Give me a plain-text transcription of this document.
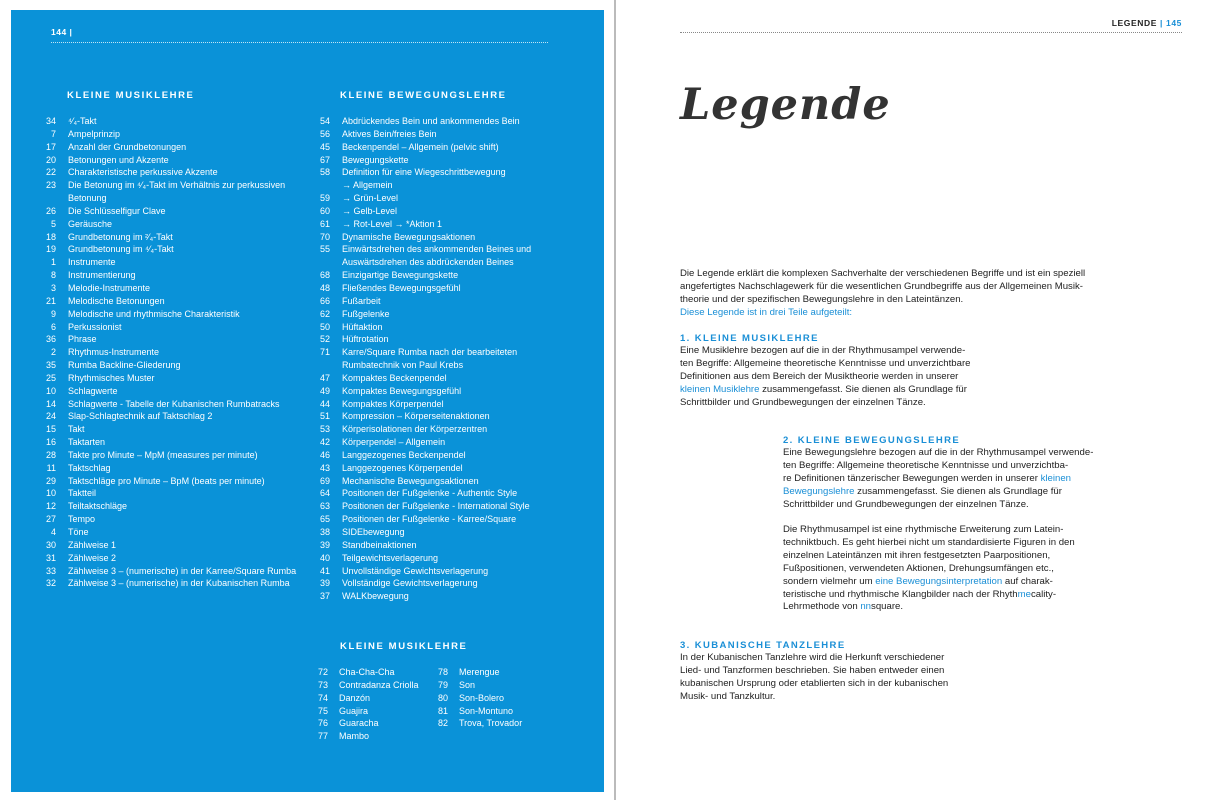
144 |
KLEINE MUSIKLEHRE
34 ⁴⁄₄-Takt
7 Ampelprinzip
17 Anzahl der Grundbetonungen
20 Betonungen und Akzente
22 Charakteristische perkussive Akzente
23 Die Betonung im ⁴⁄₄-Takt im Verhältnis zur perkussiven
Betonung
26 Die Schlüsselfigur Clave
5 Geräusche
18 Grundbetonung im ²⁄₄-Takt
19 Grundbetonung im ⁴⁄₄-Takt
1 Instrumente
8 Instrumentierung
3 Melodie-Instrumente
21 Melodische Betonungen
9 Melodische und rhythmische Charakteristik
6 Perkussionist
36 Phrase
2 Rhythmus-Instrumente
35 Rumba Backline-Gliederung
25 Rhythmisches Muster
10 Schlagwerte
14 Schlagwerte - Tabelle der Kubanischen Rumbatracks
24 Slap-Schlagtechnik auf Taktschlag 2
15 Takt
16 Taktarten
28 Takte pro Minute – MpM (measures per minute)
11 Taktschlag
29 Taktschläge pro Minute – BpM (beats per minute)
10 Taktteil
12 Teiltaktschläge
27 Tempo
4 Töne
30 Zählweise 1
31 Zählweise 2
33 Zählweise 3 – (numerische) in der Karree/Square Rumba
32 Zählweise 3 – (numerische) in der Kubanischen Rumba
KLEINE BEWEGUNGSLEHRE
54 Abdrückendes Bein und ankommendes Bein
56 Aktives Bein/freies Bein
45 Beckenpendel – Allgemein (pelvic shift)
67 Bewegungskette
58 Definition für eine Wiegeschrittbewegung
→ Allgemein
59 → Grün-Level
60 → Gelb-Level
61 → Rot-Level → *Aktion 1
70 Dynamische Bewegungsaktionen
55 Einwärtsdrehen des ankommenden Beines und
Auswärtsdrehen des abdrückenden Beines
68 Einzigartige Bewegungskette
48 Fließendes Bewegungsgefühl
66 Fußarbeit
62 Fußgelenke
50 Hüftaktion
52 Hüftrotation
71 Karre/Square Rumba nach der bearbeiteten
Rumbatechnik von Paul Krebs
47 Kompaktes Beckenpendel
49 Kompaktes Bewegungsgefühl
44 Kompaktes Körperpendel
51 Kompression – Körperseitenaktionen
53 Körperisolationen der Körperzentren
42 Körperpendel – Allgemein
46 Langgezogenes Beckenpendel
43 Langgezogenes Körperpendel
69 Mechanische Bewegungsaktionen
64 Positionen der Fußgelenke - Authentic Style
63 Positionen der Fußgelenke - International Style
65 Positionen der Fußgelenke - Karree/Square
38 SIDEbewegung
39 Standbeinaktionen
40 Teilgewichtsverlagerung
41 Unvollständige Gewichtsverlagerung
39 Vollständige Gewichtsverlagerung
37 WALKbewegung
KLEINE MUSIKLEHRE
72 Cha-Cha-Cha
73 Contradanza Criolla
74 Danzón
75 Guajira
76 Guaracha
77 Mambo
78 Merengue
79 Son
80 Son-Bolero
81 Son-Montuno
82 Trova, Trovador
LEGENDE | 145
Legende
Die Legende erklärt die komplexen Sachverhalte der verschiedenen Begriffe und ist ein speziell
angefertigtes Nachschlagewerk für die wesentlichen Grundbegriffe aus der Allgemeinen Musik-
theorie und der spezifischen Bewegungslehre in den Lateintänzen.
Diese Legende ist in drei Teile aufgeteilt:
1. KLEINE MUSIKLEHRE
Eine Musiklehre bezogen auf die in der Rhythmusampel verwende-
ten Begriffe: Allgemeine theoretische Kenntnisse und unverzichtbare
Definitionen aus dem Bereich der Musiktheorie werden in unserer
kleinen Musiklehre zusammengefasst. Sie dienen als Grundlage für
Schrittbilder und Grundbewegungen der einzelnen Tänze.
2. KLEINE BEWEGUNGSLEHRE
Eine Bewegungslehre bezogen auf die in der Rhythmusampel verwende-
ten Begriffe: Allgemeine theoretische Kenntnisse und unverzichtba-
re Definitionen tänzerischer Bewegungen werden in unserer kleinen
Bewegungslehre zusammengefasst. Sie dienen als Grundlage für
Schrittbilder und Grundbewegungen der einzelnen Tänze.
Die Rhythmusampel ist eine rhythmische Erweiterung zum Latein-
techniktbuch. Es geht hierbei nicht um standardisierte Figuren in den
einzelnen Lateintänzen mit ihren festgesetzten Paarpositionen,
Fußpositionen, verwendeten Aktionen, Drehungsumfängen etc.,
sondern vielmehr um eine Bewegungsinterpretation auf charak-
teristische und rhythmische Klangbilder nach der Rhythmecality-
Lehrmethode von nnsquare.
3. KUBANISCHE TANZLEHRE
In der Kubanischen Tanzlehre wird die Herkunft verschiedener
Lied- und Tanzformen beschrieben. Sie haben entweder einen
kubanischen Ursprung oder etablierten sich in der kubanischen
Musik- und Tanzkultur.
